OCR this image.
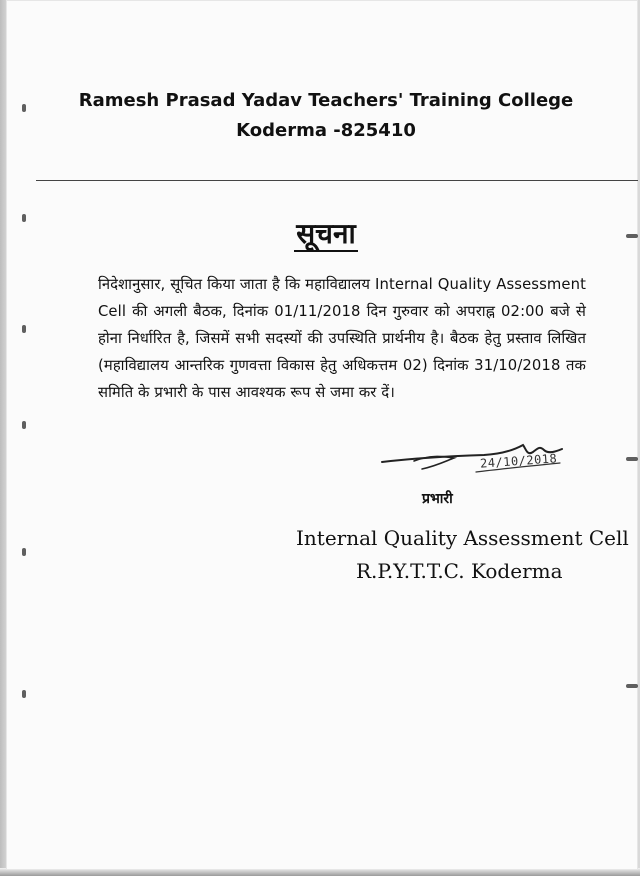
Ramesh Prasad Yadav Teachers' Training College
Koderma -825410
सूचना

निदेशानुसार, सूचित किया जाता है कि महाविद्यालय Internal Quality Assessment Cell की अगली बैठक, दिनांक 01/11/2018 दिन गुरुवार को अपराह्न 02:00 बजे से होना निर्धारित है, जिसमें सभी सदस्यों की उपस्थिति प्रार्थनीय है। बैठक हेतु प्रस्ताव लिखित (महाविद्यालय आन्तरिक गुणवत्ता विकास हेतु अधिकत्तम 02) दिनांक 31/10/2018 तक समिति के प्रभारी के पास आवश्यक रूप से जमा कर दें।

24/10/2018
प्रभारी
Internal Quality Assessment Cell
R.P.Y.T.T.C. Koderma
